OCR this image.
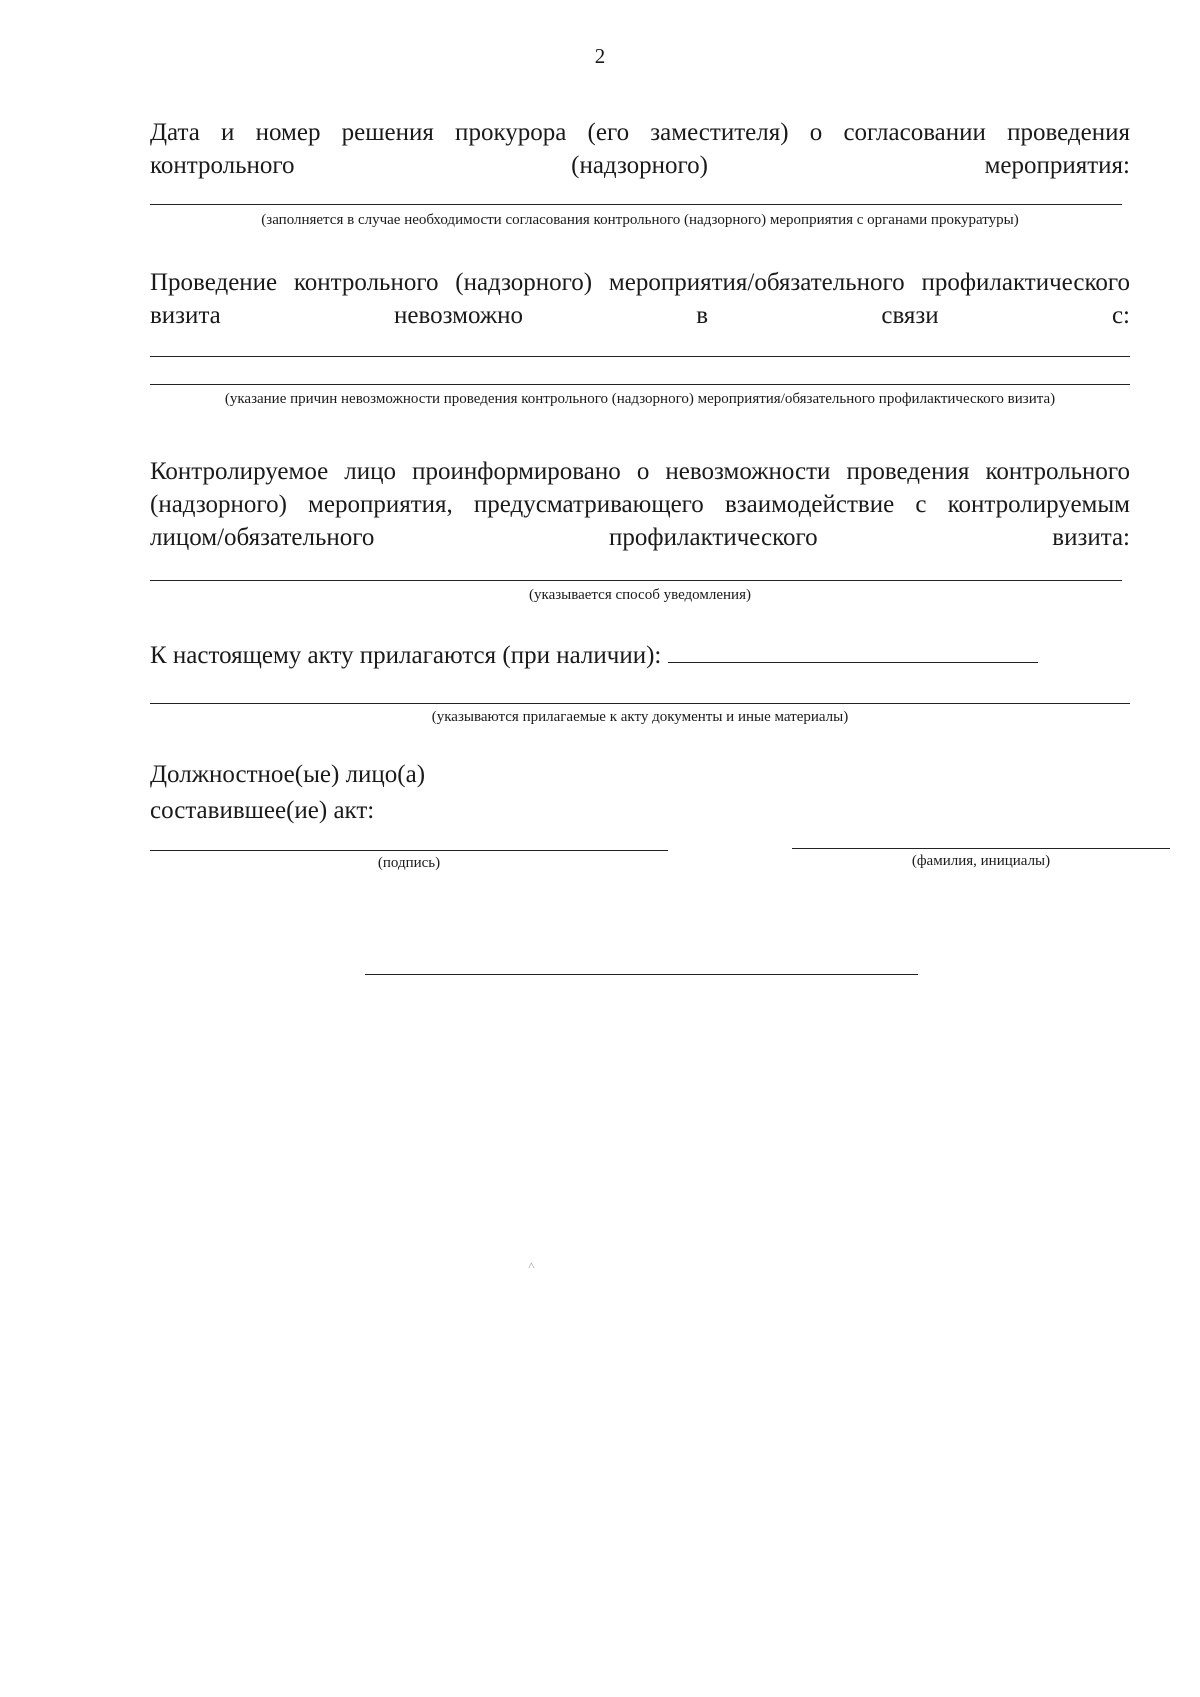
2

Дата и номер решения прокурора (его заместителя) о согласовании проведения контрольного (надзорного) мероприятия:

(заполняется в случае необходимости согласования контрольного (надзорного) мероприятия с органами прокуратуры)

Проведение контрольного (надзорного) мероприятия/обязательного профилактического визита невозможно в связи с:

(указание причин невозможности проведения контрольного (надзорного) мероприятия/обязательного профилактического визита)

Контролируемое лицо проинформировано о невозможности проведения контрольного (надзорного) мероприятия, предусматривающего взаимодействие с контролируемым лицом/обязательного профилактического визита:

(указывается способ уведомления)

К настоящему акту прилагаются (при наличии):

(указываются прилагаемые к акту документы и иные материалы)

Должностное(ые) лицо(а)

составившее(ие) акт:

(подпись)	(фамилия, инициалы)
˄
